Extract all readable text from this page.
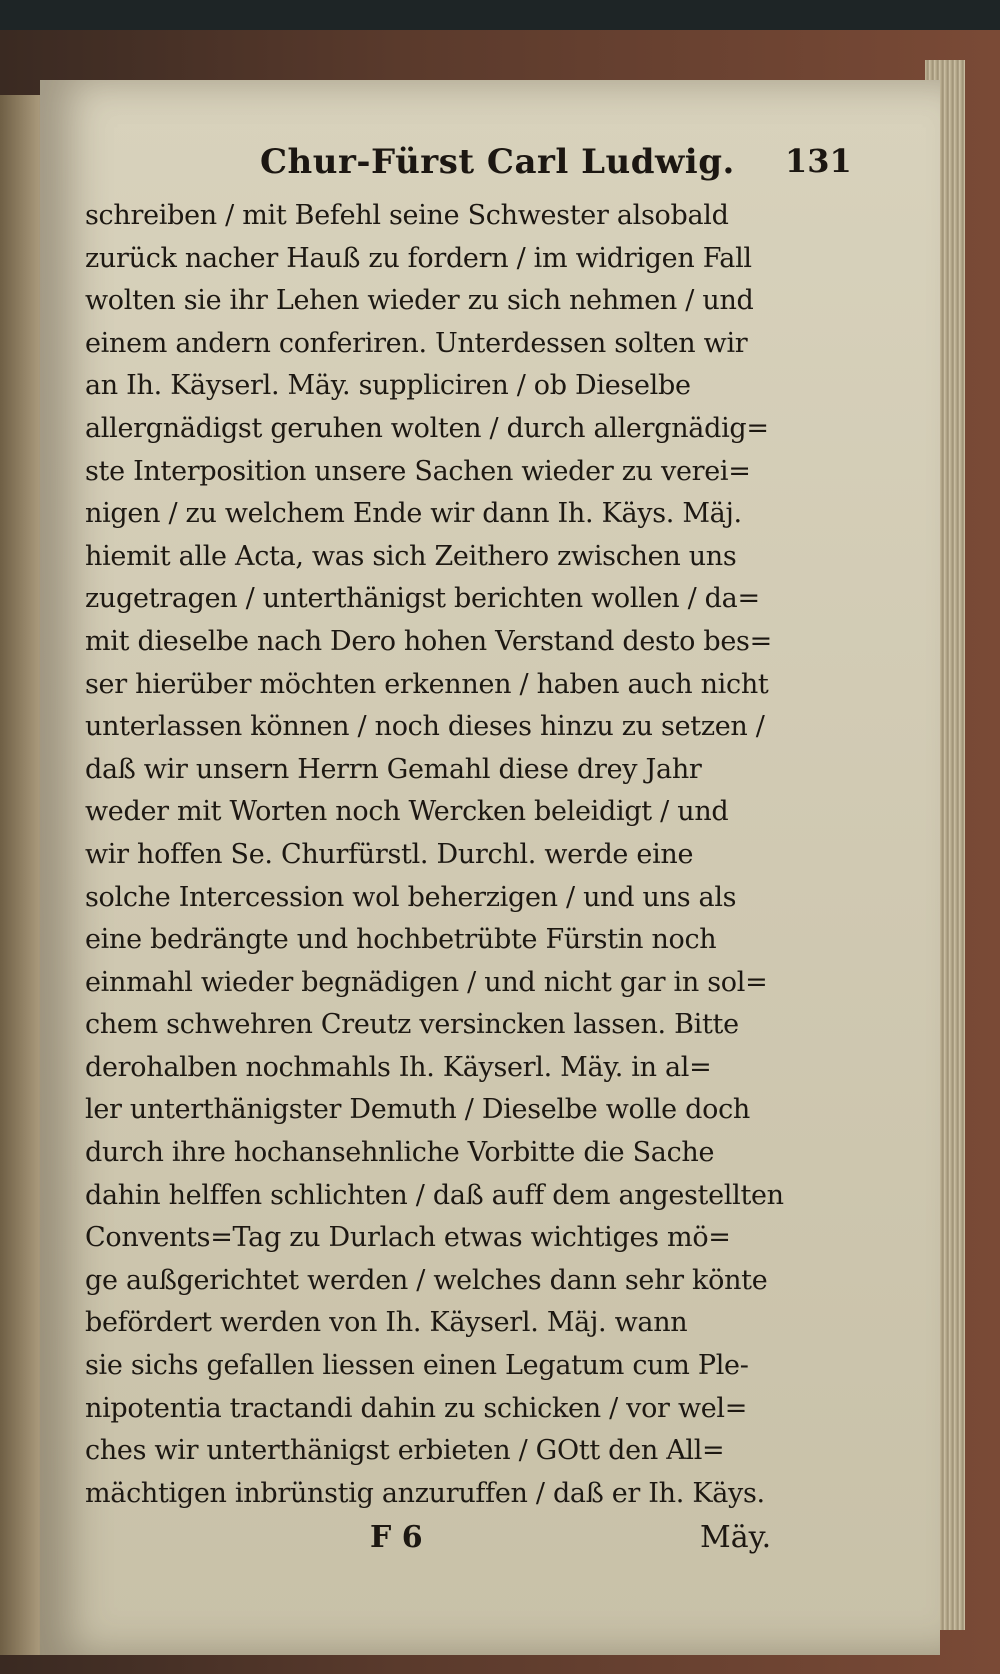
Chur-Fürst Carl Ludwig. 131
schreiben / mit Befehl seine Schwester alsobald
zurück nacher Hauß zu fordern / im widrigen Fall
wolten sie ihr Lehen wieder zu sich nehmen / und
einem andern conferiren. Unterdessen solten wir
an Ih. Käyserl. Mäy. suppliciren / ob Dieselbe
allergnädigst geruhen wolten / durch allergnädig=
ste Interposition unsere Sachen wieder zu verei=
nigen / zu welchem Ende wir dann Ih. Käys. Mäj.
hiemit alle Acta, was sich Zeithero zwischen uns
zugetragen / unterthänigst berichten wollen / da=
mit dieselbe nach Dero hohen Verstand desto bes=
ser hierüber möchten erkennen / haben auch nicht
unterlassen können / noch dieses hinzu zu setzen /
daß wir unsern Herrn Gemahl diese drey Jahr
weder mit Worten noch Wercken beleidigt / und
wir hoffen Se. Churfürstl. Durchl. werde eine
solche Intercession wol beherzigen / und uns als
eine bedrängte und hochbetrübte Fürstin noch
einmahl wieder begnädigen / und nicht gar in sol=
chem schwehren Creutz versincken lassen. Bitte
derohalben nochmahls Ih. Käyserl. Mäy. in al=
ler unterthänigster Demuth / Dieselbe wolle doch
durch ihre hochansehnliche Vorbitte die Sache
dahin helffen schlichten / daß auff dem angestellten
Convents=Tag zu Durlach etwas wichtiges mö=
ge außgerichtet werden / welches dann sehr könte
befördert werden von Ih. Käyserl. Mäj. wann
sie sichs gefallen liessen einen Legatum cum Ple-
nipotentia tractandi dahin zu schicken / vor wel=
ches wir unterthänigst erbieten / GOtt den All=
mächtigen inbrünstig anzuruffen / daß er Ih. Käys.
F 6	Mäy.
